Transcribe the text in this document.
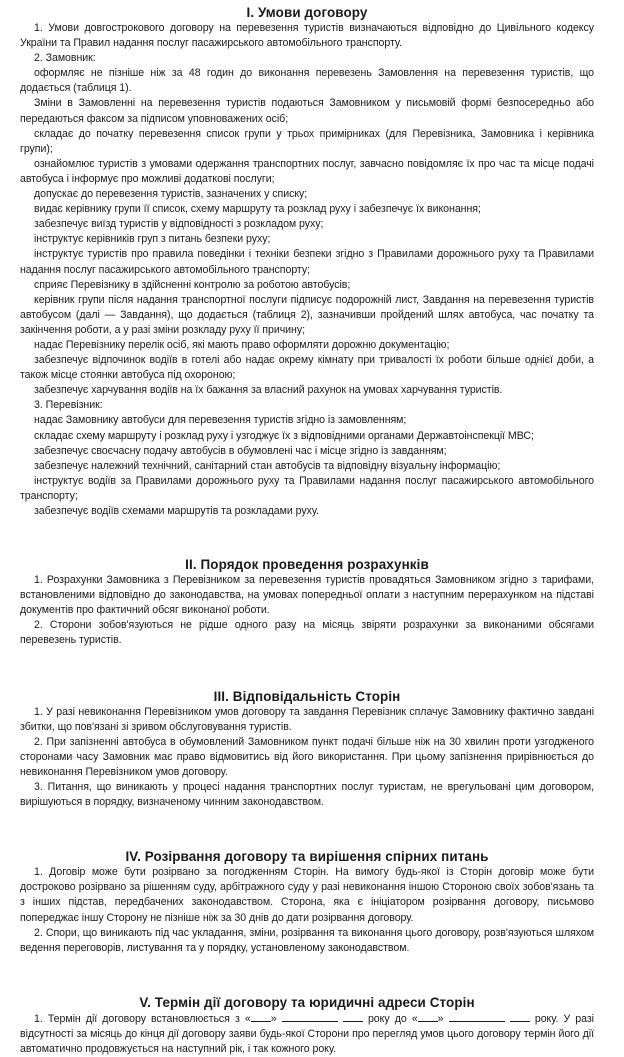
I. Умови договору

1. Умови довгострокового договору на перевезення туристів визначаються відповідно до Цивільного кодексу України та Правил надання послуг пасажирського автомобільного транспорту.

2. Замовник:

оформляє не пізніше ніж за 48 годин до виконання перевезень Замовлення на перевезення туристів, що додається (таблиця 1).

Зміни в Замовленні на перевезення туристів подаються Замовником у письмовій формі безпосередньо або передаються факсом за підписом уповноважених осіб;

складає до початку перевезення список групи у трьох примірниках (для Перевізника, Замовника і керівника групи);

ознайомлює туристів з умовами одержання транспортних послуг, завчасно повідомляє їх про час та місце подачі автобуса і інформує про можливі додаткові послуги;

допускає до перевезення туристів, зазначених у списку;

видає керівнику групи її список, схему маршруту та розклад руху і забезпечує їх виконання;

забезпечує виїзд туристів у відповідності з розкладом руху;

інструктує керівників груп з питань безпеки руху;

інструктує туристів про правила поведінки і техніки безпеки згідно з Правилами дорожнього руху та Правилами надання послуг пасажирського автомобільного транспорту;

сприяє Перевізнику в здійсненні контролю за роботою автобусів;

керівник групи після надання транспортної послуги підписує подорожній лист, Завдання на перевезення туристів автобусом (далі — Завдання), що додається (таблиця 2), зазначивши пройдений шлях автобуса, час початку та закінчення роботи, а у разі зміни розкладу руху її причину;

надає Перевізнику перелік осіб, які мають право оформляти дорожню документацію;

забезпечує відпочинок водіїв в готелі або надає окрему кімнату при тривалості їх роботи більше однієї доби, а також місце стоянки автобуса під охороною;

забезпечує харчування водіїв на їх бажання за власний рахунок на умовах харчування туристів.

3. Перевізник:

надає Замовнику автобуси для перевезення туристів згідно із замовленням;

складає схему маршруту і розклад руху і узгоджує їх з відповідними органами Державтоінспекції МВС;

забезпечує своєчасну подачу автобусів в обумовлені час і місце згідно із завданням;

забезпечує належний технічний, санітарний стан автобусів та відповідну візуальну інформацію;

інструктує водіїв за Правилами дорожнього руху та Правилами надання послуг пасажирського автомобільного транспорту;

забезпечує водіїв схемами маршрутів та розкладами руху.

II. Порядок проведення розрахунків

1. Розрахунки Замовника з Перевізником за перевезення туристів провадяться Замовником згідно з тарифами, встановленими відповідно до законодавства, на умовах попередньої оплати з наступним перерахунком на підставі документів про фактичний обсяг виконаної роботи.

2. Сторони зобов'язуються не рідше одного разу на місяць звіряти розрахунки за виконаними обсягами перевезень туристів.

III. Відповідальність Сторін

1. У разі невиконання Перевізником умов договору та завдання Перевізник сплачує Замовнику фактично завдані збитки, що пов'язані зі зривом обслуговування туристів.

2. При запізненні автобуса в обумовлений Замовником пункт подачі більше ніж на 30 хвилин проти узгодженого сторонами часу Замовник має право відмовитись від його використання. При цьому запізнення прирівнюється до невиконання Перевізником умов договору.

3. Питання, що виникають у процесі надання транспортних послуг туристам, не врегульовані цим договором, вирішуються в порядку, визначеному чинним законодавством.

IV. Розірвання договору та вирішення спірних питань

1. Договір може бути розірвано за погодженням Сторін. На вимогу будь-якої із Сторін договір може бути достроково розірвано за рішенням суду, арбітражного суду у разі невиконання іншою Стороною своїх зобов'язань та з інших підстав, передбачених законодавством. Сторона, яка є ініціатором розірвання договору, письмово попереджає іншу Сторону не пізніше ніж за 30 днів до дати розірвання договору.

2. Спори, що виникають під час укладання, зміни, розірвання та виконання цього договору, розв'язуються шляхом ведення переговорів, листування та у порядку, установленому законодавством.

V. Термін дії договору та юридичні адреси Сторін

1. Термін дії договору встановлюється з « »	року до « »	року. У разі відсутності за місяць до кінця дії договору заяви будь-якої Сторони про перегляд умов цього договору термін його дії автоматично продовжується на наступний рік, і так кожного року.
